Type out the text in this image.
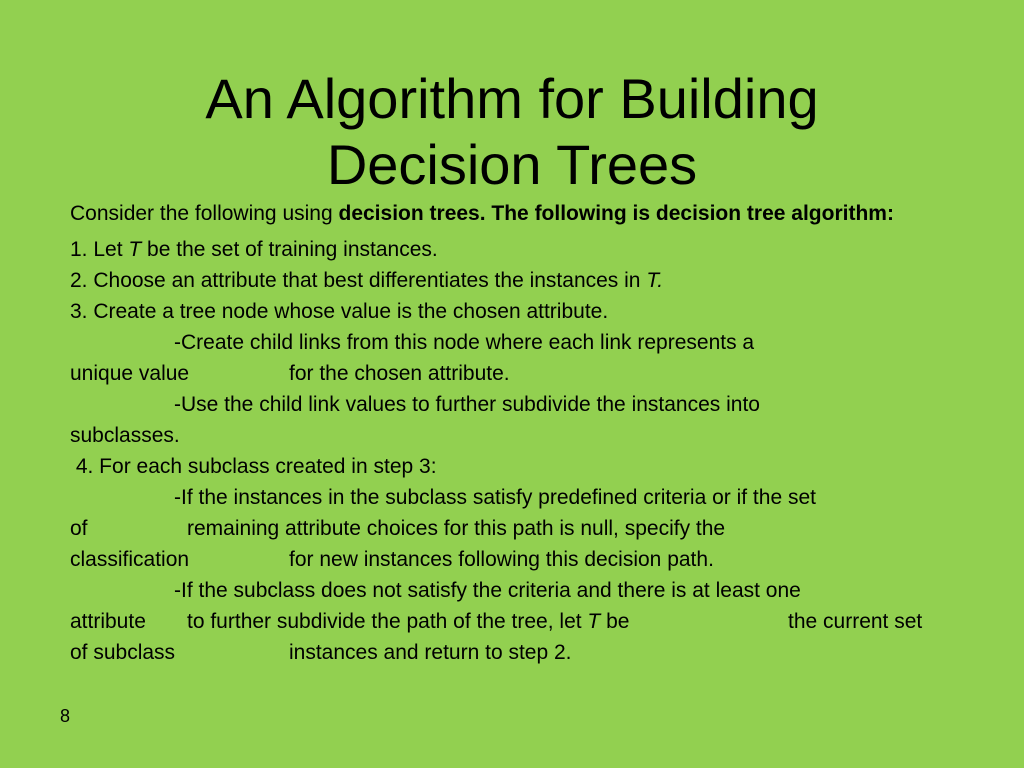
An Algorithm for Building
Decision Trees
Consider the following using decision trees. The following is decision tree algorithm:
1. Let T be the set of training instances.
2. Choose an attribute that best differentiates the instances in T.
3. Create a tree node whose value is the chosen attribute.
-Create child links from this node where each link represents a
unique value	for the chosen attribute.
-Use the child link values to further subdivide the instances into
subclasses.
4. For each subclass created in step 3:
-If the instances in the subclass satisfy predefined criteria or if the set
of	remaining attribute choices for this path is null, specify the
classification	for new instances following this decision path.
-If the subclass does not satisfy the criteria and there is at least one
attribute to further subdivide the path of the tree, let T be	the current set
of subclass	instances and return to step 2.
8
